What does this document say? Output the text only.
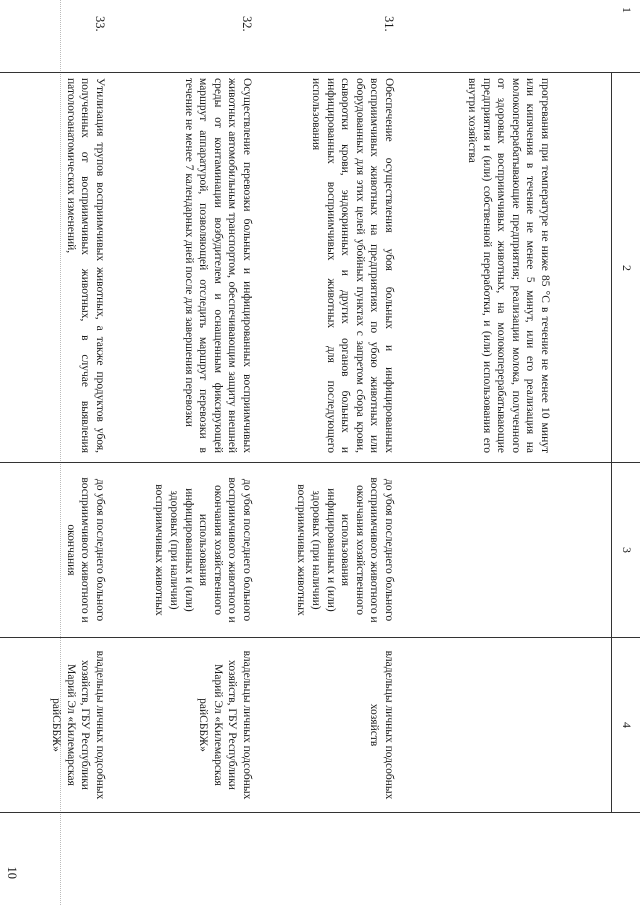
1
2
3
4
прогревания при температуре не ниже 85 °C в течение не менее 10 минут или кипячения в течение не менее 5 минут, или его реализация на молокоперерабатывающие предприятия; реализации молока, полученного от здоровых восприимчивых животных, на молокоперерабатывающие предприятия и (или) собственной переработки, и (или) использования его внутри хозяйства
31.
Обеспечение осуществления убоя больных и инфицированных восприимчивых животных на предприятиях по убою животных или оборудованных для этих целей убойных пунктах с запретом сбора крови, сыворотки крови, эндокринных и других органов больных и инфицированных восприимчивых животных для последующего использования
до убоя последнего больного восприимчивого животного и окончания хозяйственного использования инфицированных и (или) здоровых (при наличии) восприимчивых животных
владельцы личных подсобных хозяйств
32.
Осуществление перевозки больных и инфицированных восприимчивых животных автомобильным транспортом, обеспечивающим защиту внешней среды от контаминации возбудителем и оснащенным фиксирующей маршрут аппаратурой, позволяющей отследить маршрут перевозки в течение не менее 7 календарных дней после для завершения перевозки
до убоя последнего больного восприимчивого животного и окончания хозяйственного использования инфицированных и (или) здоровых (при наличии) восприимчивых животных
владельцы личных подсобных хозяйств, ГБУ Республики Марий Эл «Килемарская райСББЖ»
33.
Утилизация трупов восприимчивых животных, а также продуктов убоя, полученных от восприимчивых животных, в случае выявления патологоанатомических изменений,
до убоя последнего больного восприимчивого животного и окончания
владельцы личных подсобных хозяйств, ГБУ Республики Марий Эл «Килемарская райСББЖ»
10
